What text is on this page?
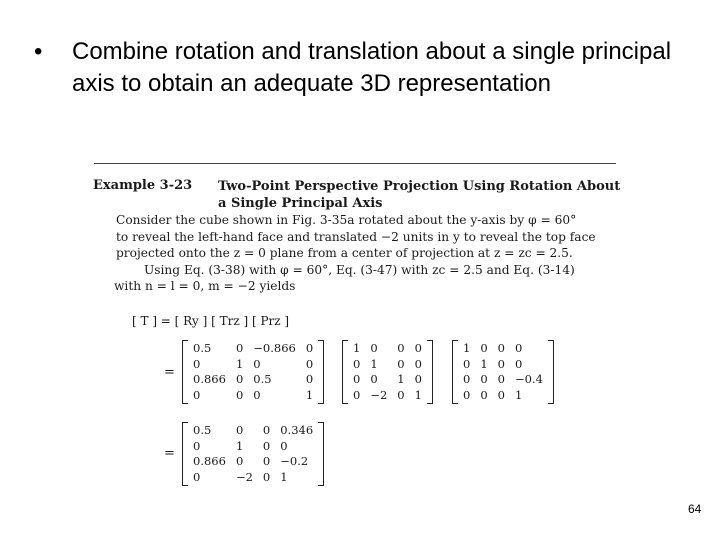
•	Combine rotation and translation about a single principal axis to obtain an adequate 3D representation
Example 3-23 Two-Point Perspective Projection Using Rotation About
a Single Principal Axis
Consider the cube shown in Fig. 3-35a rotated about the y-axis by φ = 60°
to reveal the left-hand face and translated −2 units in y to reveal the top face
projected onto the z = 0 plane from a center of projection at z = zc = 2.5.
Using Eq. (3-38) with φ = 60°, Eq. (3-47) with zc = 2.5 and Eq. (3-14)
with n = l = 0, m = −2 yields
[ T ] = [ Ry ] [ Trz ] [ Prz ]
=
0.5	0	−0.866	0
0	1	0	0
0.866	0	0.5	0
0	0	0	1
1	0	0	0
0	1	0	0
0	0	1	0
0	−2	0	1
1	0	0	0
0	1	0	0
0	0	0	−0.4
0	0	0	1
=
0.5	0	0	0.346
0	1	0	0
0.866	0	0	−0.2
0	−2	0	1
64
